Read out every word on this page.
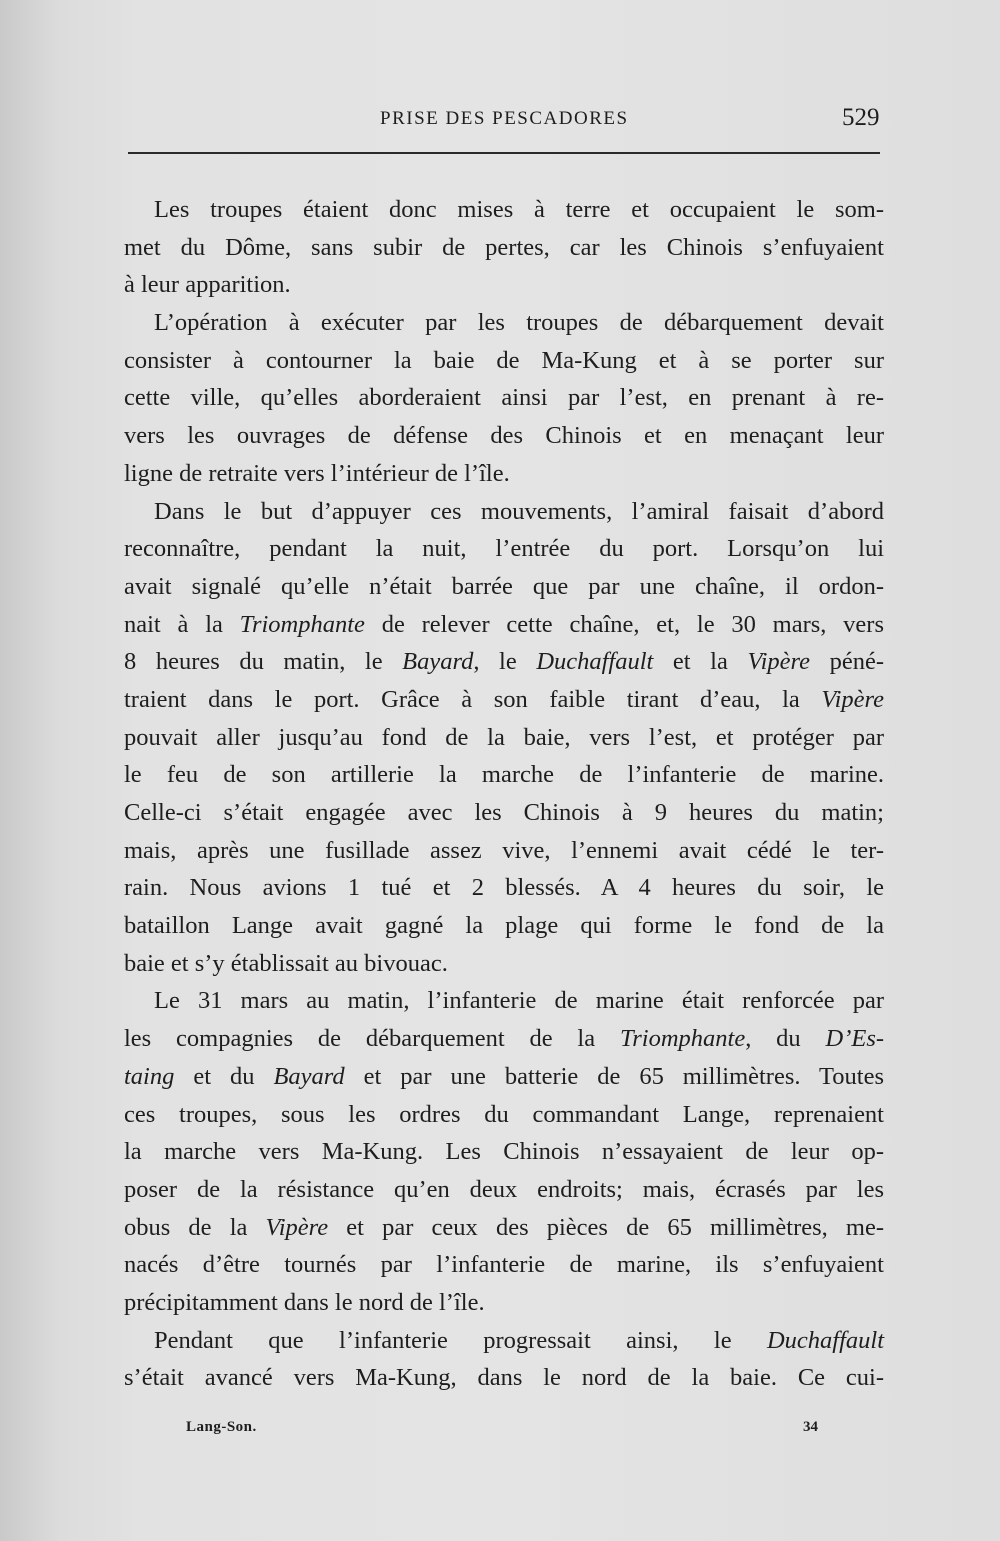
PRISE DES PESCADORES	529
Les troupes étaient donc mises à terre et occupaient le som-
met du Dôme, sans subir de pertes, car les Chinois s’enfuyaient
à leur apparition.
L’opération à exécuter par les troupes de débarquement devait
consister à contourner la baie de Ma-Kung et à se porter sur
cette ville, qu’elles aborderaient ainsi par l’est, en prenant à re-
vers les ouvrages de défense des Chinois et en menaçant leur
ligne de retraite vers l’intérieur de l’île.
Dans le but d’appuyer ces mouvements, l’amiral faisait d’abord
reconnaître, pendant la nuit, l’entrée du port. Lorsqu’on lui
avait signalé qu’elle n’était barrée que par une chaîne, il ordon-
nait à la Triomphante de relever cette chaîne, et, le 30 mars, vers
8 heures du matin, le Bayard, le Duchaffault et la Vipère péné-
traient dans le port. Grâce à son faible tirant d’eau, la Vipère
pouvait aller jusqu’au fond de la baie, vers l’est, et protéger par
le feu de son artillerie la marche de l’infanterie de marine.
Celle-ci s’était engagée avec les Chinois à 9 heures du matin;
mais, après une fusillade assez vive, l’ennemi avait cédé le ter-
rain. Nous avions 1 tué et 2 blessés. A 4 heures du soir, le
bataillon Lange avait gagné la plage qui forme le fond de la
baie et s’y établissait au bivouac.
Le 31 mars au matin, l’infanterie de marine était renforcée par
les compagnies de débarquement de la Triomphante, du D’Es-
taing et du Bayard et par une batterie de 65 millimètres. Toutes
ces troupes, sous les ordres du commandant Lange, reprenaient
la marche vers Ma-Kung. Les Chinois n’essayaient de leur op-
poser de la résistance qu’en deux endroits; mais, écrasés par les
obus de la Vipère et par ceux des pièces de 65 millimètres, me-
nacés d’être tournés par l’infanterie de marine, ils s’enfuyaient
précipitamment dans le nord de l’île.
Pendant que l’infanterie progressait ainsi, le Duchaffault
s’était avancé vers Ma-Kung, dans le nord de la baie. Ce cui-
Lang-Son.	34
